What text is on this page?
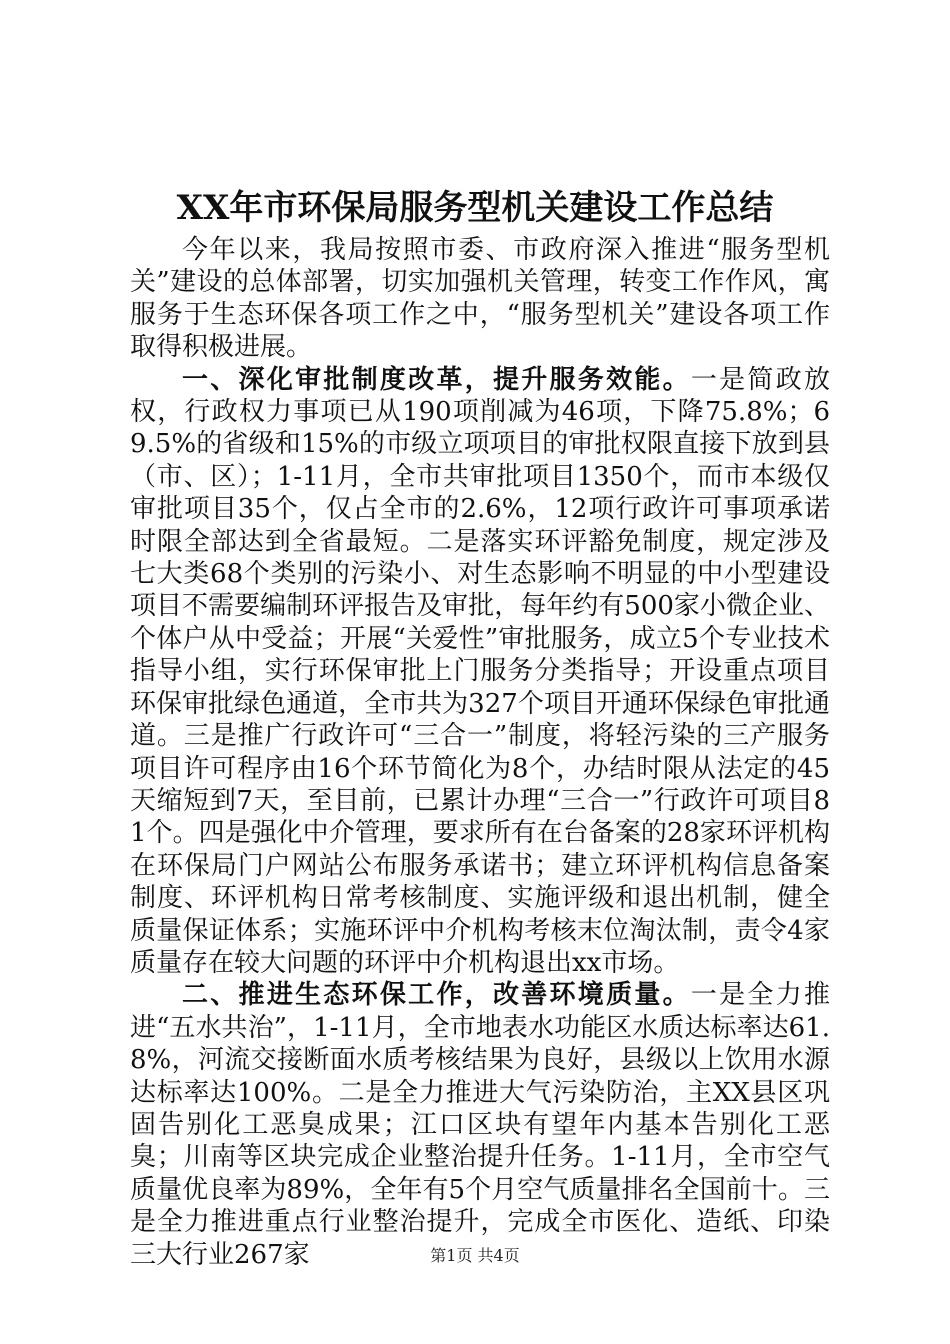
XX年市环保局服务型机关建设工作总结

今年以来，我局按照市委、市政府深入推进“服务型机关”建设的总体部署，切实加强机关管理，转变工作作风，寓服务于生态环保各项工作之中，“服务型机关”建设各项工作取得积极进展。

一、深化审批制度改革，提升服务效能。一是简政放权，行政权力事项已从190项削减为46项，下降75.8%；69.5%的省级和15%的市级立项项目的审批权限直接下放到县（市、区）；1-11月，全市共审批项目1350个，而市本级仅审批项目35个，仅占全市的2.6%，12项行政许可事项承诺时限全部达到全省最短。二是落实环评豁免制度，规定涉及七大类68个类别的污染小、对生态影响不明显的中小型建设项目不需要编制环评报告及审批，每年约有500家小微企业、个体户从中受益；开展“关爱性”审批服务，成立5个专业技术指导小组，实行环保审批上门服务分类指导；开设重点项目环保审批绿色通道，全市共为327个项目开通环保绿色审批通道。三是推广行政许可“三合一”制度，将轻污染的三产服务项目许可程序由16个环节简化为8个，办结时限从法定的45天缩短到7天，至目前，已累计办理“三合一”行政许可项目81个。四是强化中介管理，要求所有在台备案的28家环评机构在环保局门户网站公布服务承诺书；建立环评机构信息备案制度、环评机构日常考核制度、实施评级和退出机制，健全质量保证体系；实施环评中介机构考核末位淘汰制，责令4家质量存在较大问题的环评中介机构退出xx市场。

二、推进生态环保工作，改善环境质量。一是全力推进“五水共治”，1-11月，全市地表水功能区水质达标率达61.8%，河流交接断面水质考核结果为良好，县级以上饮用水源达标率达100%。二是全力推进大气污染防治，主XX县区巩固告别化工恶臭成果；江口区块有望年内基本告别化工恶臭；川南等区块完成企业整治提升任务。1-11月，全市空气质量优良率为89%，全年有5个月空气质量排名全国前十。三是全力推进重点行业整治提升，完成全市医化、造纸、印染三大行业267家	第1页 共4页
